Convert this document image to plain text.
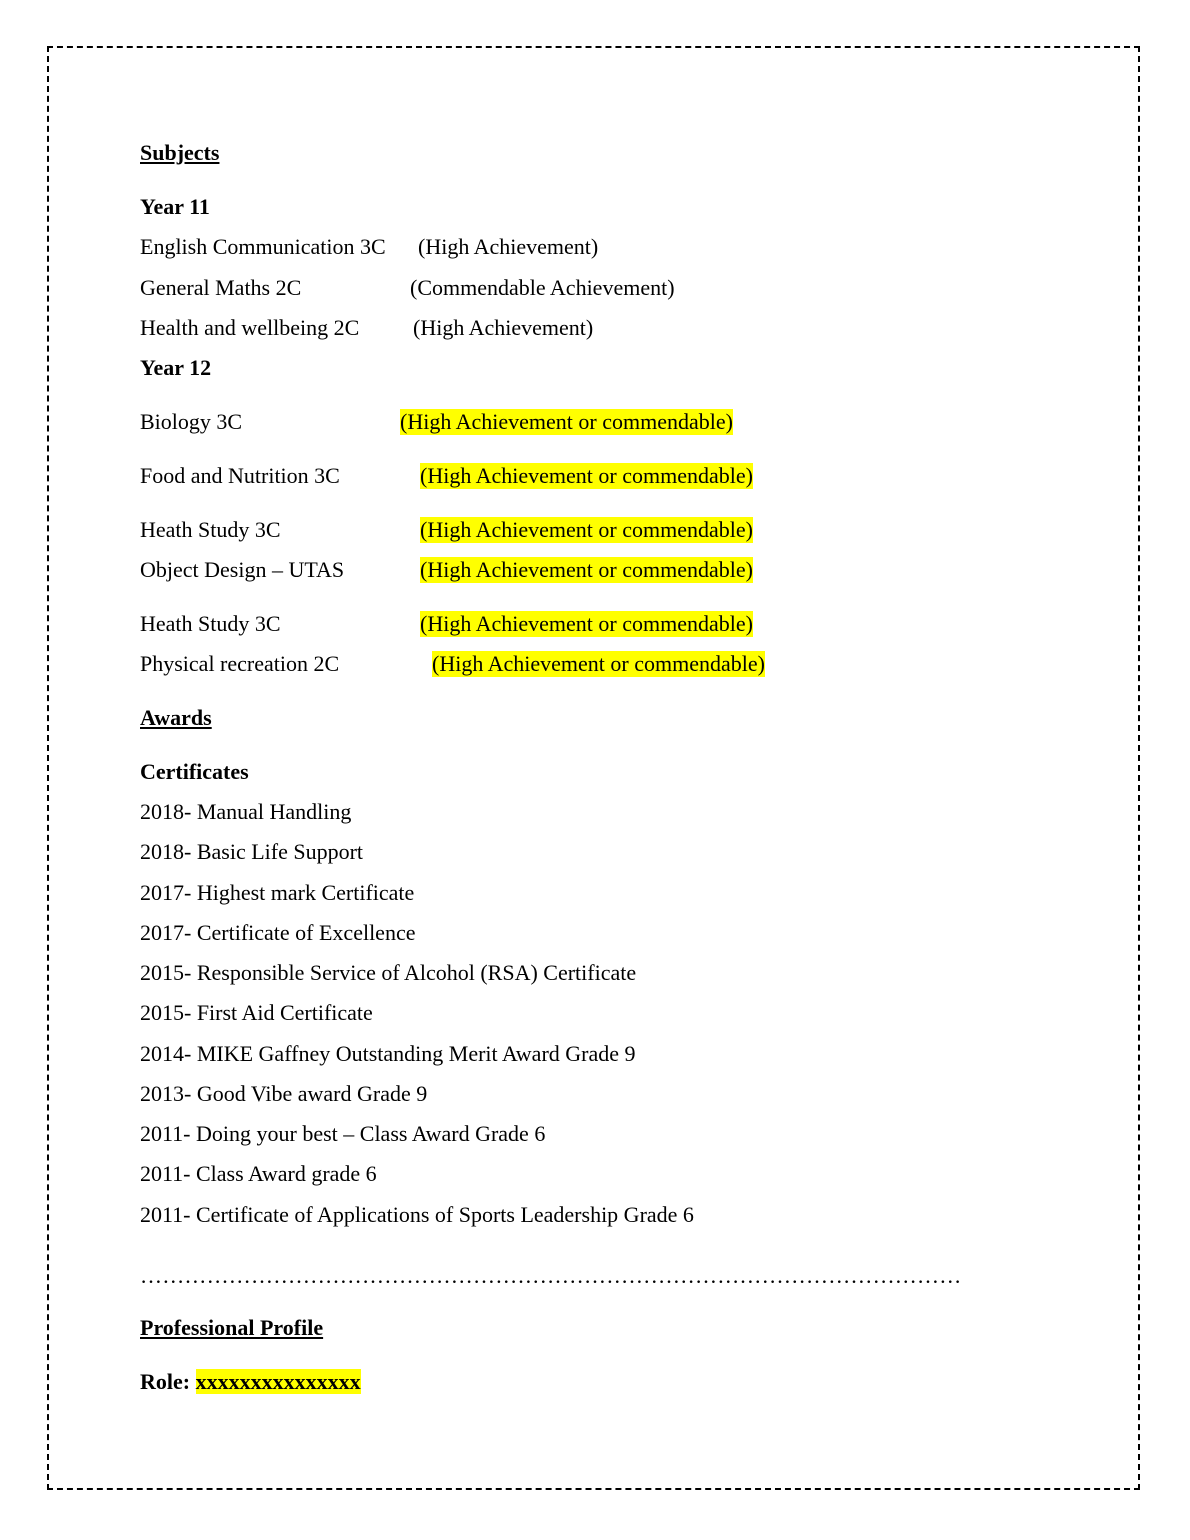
Subjects
Year 11
English Communication 3C (High Achievement)
General Maths 2C	(Commendable Achievement)
Health and wellbeing 2C (High Achievement)
Year 12
Biology 3C	(High Achievement or commendable)
Food and Nutrition 3C	(High Achievement or commendable)
Heath Study 3C	(High Achievement or commendable)
Object Design – UTAS	(High Achievement or commendable)
Heath Study 3C	(High Achievement or commendable)
Physical recreation 2C	(High Achievement or commendable)
Awards
Certificates
2018- Manual Handling
2018- Basic Life Support
2017- Highest mark Certificate
2017- Certificate of Excellence
2015- Responsible Service of Alcohol (RSA) Certificate
2015- First Aid Certificate
2014- MIKE Gaffney Outstanding Merit Award Grade 9
2013- Good Vibe award Grade 9
2011- Doing your best – Class Award Grade 6
2011- Class Award grade 6
2011- Certificate of Applications of Sports Leadership Grade 6
…………………………………………………………………………………………………
Professional Profile
Role: xxxxxxxxxxxxxxx
